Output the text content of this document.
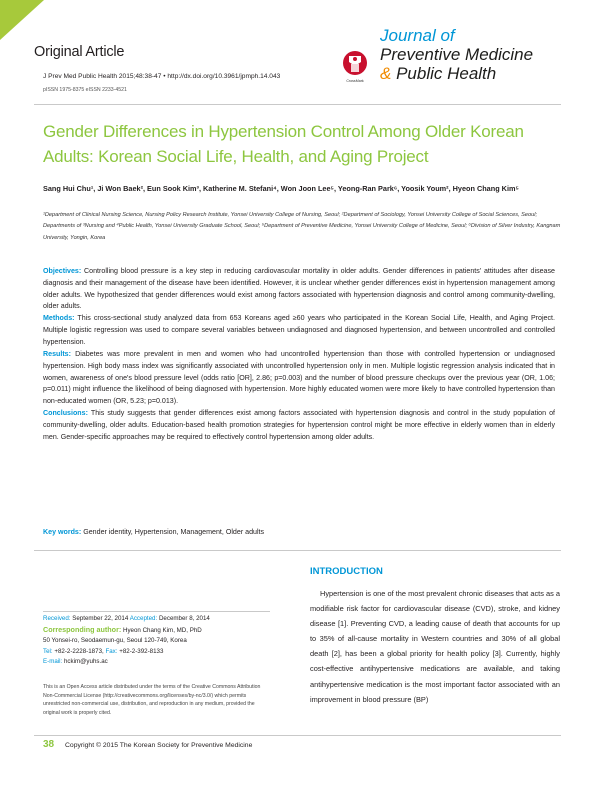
Original Article
J Prev Med Public Health 2015;48:38-47 • http://dx.doi.org/10.3961/jpmph.14.043
pISSN 1975-8375 eISSN 2233-4521
CrossMark
Journal of
Preventive Medicine
& Public Health
Gender Differences in Hypertension Control Among Older Korean Adults: Korean Social Life, Health, and Aging Project
Sang Hui Chu¹, Ji Won Baek², Eun Sook Kim³, Katherine M. Stefani⁴, Won Joon Lee⁵, Yeong-Ran Park⁶, Yoosik Youm², Hyeon Chang Kim⁵
¹Department of Clinical Nursing Science, Nursing Policy Research Institute, Yonsei University College of Nursing, Seoul; ²Department of Sociology, Yonsei University College of Social Sciences, Seoul; Departments of ³Nursing and ⁴Public Health, Yonsei University Graduate School, Seoul; ⁵Department of Preventive Medicine, Yonsei University College of Medicine, Seoul; ⁶Division of Silver Industry, Kangnam University, Yongin, Korea

Objectives: Controlling blood pressure is a key step in reducing cardiovascular mortality in older adults. Gender differences in patients' attitudes after disease diagnosis and their management of the disease have been identified. However, it is unclear whether gender differences exist in hypertension management among older adults. We hypothesized that gender differences would exist among factors associated with hypertension diagnosis and control among community-dwelling, older adults.

Methods: This cross-sectional study analyzed data from 653 Koreans aged ≥60 years who participated in the Korean Social Life, Health, and Aging Project. Multiple logistic regression was used to compare several variables between undiagnosed and diagnosed hypertension, and between uncontrolled and controlled hypertension.

Results: Diabetes was more prevalent in men and women who had uncontrolled hypertension than those with controlled hypertension or undiagnosed hypertension. High body mass index was significantly associated with uncontrolled hypertension only in men. Multiple logistic regression analysis indicated that in women, awareness of one's blood pressure level (odds ratio [OR], 2.86; p=0.003) and the number of blood pressure checkups over the previous year (OR, 1.06; p=0.011) might influence the likelihood of being diagnosed with hypertension. More highly educated women were more likely to have controlled hypertension than non-educated women (OR, 5.23; p=0.013).

Conclusions: This study suggests that gender differences exist among factors associated with hypertension diagnosis and control in the study population of community-dwelling, older adults. Education-based health promotion strategies for hypertension control might be more effective in elderly women than in elderly men. Gender-specific approaches may be required to effectively control hypertension among older adults.

Key words: Gender identity, Hypertension, Management, Older adults
INTRODUCTION

Hypertension is one of the most prevalent chronic diseases that acts as a modifiable risk factor for cardiovascular disease (CVD), stroke, and kidney disease [1]. Preventing CVD, a leading cause of death that accounts for up to 35% of all-cause mortality in Western countries and 30% of all global death [2], has been a global priority for health policy [3]. Currently, highly cost-effective antihypertensive medications are available, and taking antihypertensive medication is the most important factor associated with an improvement in blood pressure (BP)

Received: September 22, 2014 Accepted: December 8, 2014
Corresponding author: Hyeon Chang Kim, MD, PhD
50 Yonsei-ro, Seodaemun-gu, Seoul 120-749, Korea
Tel: +82-2-2228-1873, Fax: +82-2-392-8133
E-mail: hckim@yuhs.ac
This is an Open Access article distributed under the terms of the Creative Commons Attribution Non-Commercial License (http://creativecommons.org/licenses/by-nc/3.0/) which permits unrestricted non-commercial use, distribution, and reproduction in any medium, provided the original work is properly cited.
38 Copyright © 2015 The Korean Society for Preventive Medicine
